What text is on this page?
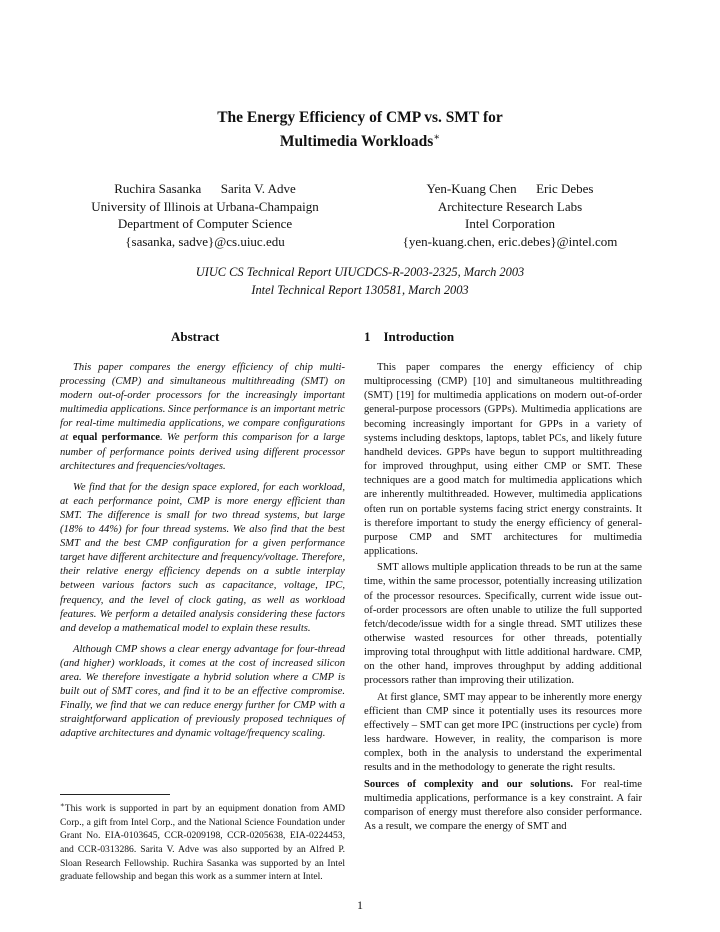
The Energy Efficiency of CMP vs. SMT for
Multimedia Workloads∗
Ruchira Sasanka      Sarita V. Adve
University of Illinois at Urbana-Champaign
Department of Computer Science
{sasanka, sadve}@cs.uiuc.edu
Yen-Kuang Chen      Eric Debes
Architecture Research Labs
Intel Corporation
{yen-kuang.chen, eric.debes}@intel.com
UIUC CS Technical Report UIUCDCS-R-2003-2325, March 2003
Intel Technical Report 130581, March 2003
Abstract	1    Introduction

This paper compares the energy efficiency of chip multi-processing (CMP) and simultaneous multithreading (SMT) on modern out-of-order processors for the increasingly important multimedia applications. Since performance is an important metric for real-time multimedia applications, we compare configurations at equal performance. We perform this comparison for a large number of performance points derived using different processor architectures and frequencies/voltages.

We find that for the design space explored, for each workload, at each performance point, CMP is more energy efficient than SMT. The difference is small for two thread systems, but large (18% to 44%) for four thread systems. We also find that the best SMT and the best CMP configuration for a given performance target have different architecture and frequency/voltage. Therefore, their relative energy efficiency depends on a subtle interplay between various factors such as capacitance, voltage, IPC, frequency, and the level of clock gating, as well as workload features. We perform a detailed analysis considering these factors and develop a mathematical model to explain these results.

Although CMP shows a clear energy advantage for four-thread (and higher) workloads, it comes at the cost of increased silicon area. We therefore investigate a hybrid solution where a CMP is built out of SMT cores, and find it to be an effective compromise. Finally, we find that we can reduce energy further for CMP with a straightforward application of previously proposed techniques of adaptive architectures and dynamic voltage/frequency scaling.

∗This work is supported in part by an equipment donation from AMD Corp., a gift from Intel Corp., and the National Science Foundation under Grant No. EIA-0103645, CCR-0209198, CCR-0205638, EIA-0224453, and CCR-0313286. Sarita V. Adve was also supported by an Alfred P. Sloan Research Fellowship. Ruchira Sasanka was supported by an Intel graduate fellowship and began this work as a summer intern at Intel.

This paper compares the energy efficiency of chip multiprocessing (CMP) [10] and simultaneous multithreading (SMT) [19] for multimedia applications on modern out-of-order general-purpose processors (GPPs). Multimedia applications are becoming increasingly important for GPPs in a variety of systems including desktops, laptops, tablet PCs, and likely future handheld devices. GPPs have begun to support multithreading for improved throughput, using either CMP or SMT. These techniques are a good match for multimedia applications which are inherently multithreaded. However, multimedia applications often run on portable systems facing strict energy constraints. It is therefore important to study the energy efficiency of general-purpose CMP and SMT architectures for multimedia applications.

SMT allows multiple application threads to be run at the same time, within the same processor, potentially increasing utilization of the processor resources. Specifically, current wide issue out-of-order processors are often unable to utilize the full supported fetch/decode/issue width for a single thread. SMT utilizes these otherwise wasted resources for other threads, potentially improving total throughput with little additional hardware. CMP, on the other hand, improves throughput by adding additional processors rather than improving their utilization.

At first glance, SMT may appear to be inherently more energy efficient than CMP since it potentially uses its resources more effectively – SMT can get more IPC (instructions per cycle) from less hardware. However, in reality, the comparison is more complex, both in the analysis to understand the experimental results and in the methodology to generate the right results.

Sources of complexity and our solutions. For real-time multimedia applications, performance is a key constraint. A fair comparison of energy must therefore also consider performance. As a result, we compare the energy of SMT and

1
